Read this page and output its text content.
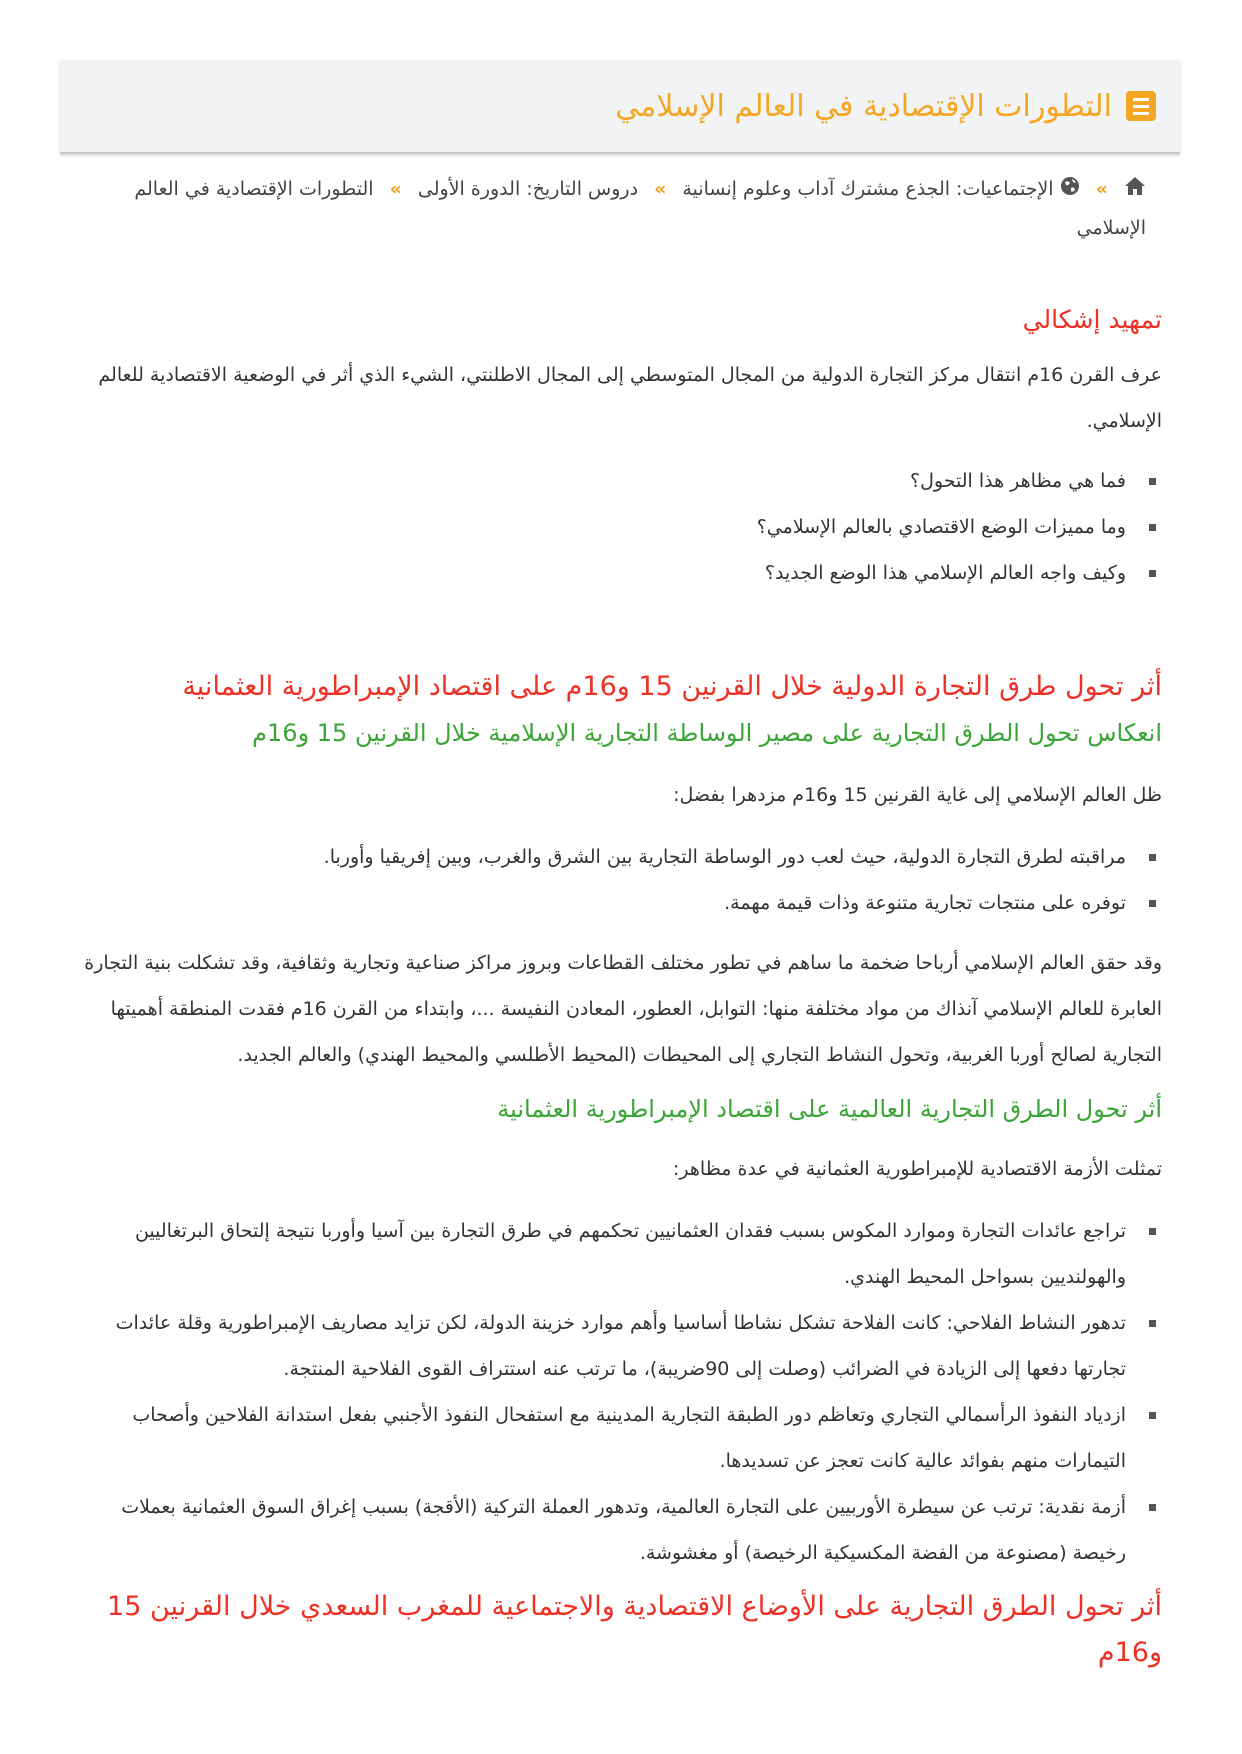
التطورات الإقتصادية في العالم الإسلامي
»  الإجتماعيات: الجذع مشترك آداب وعلوم إنسانية » دروس التاريخ: الدورة الأولى » التطورات الإقتصادية في العالم الإسلامي
تمهيد إشكالي

عرف القرن 16م انتقال مركز التجارة الدولية من المجال المتوسطي إلى المجال الاطلنتي، الشيء الذي أثر في الوضعية الاقتصادية للعالم الإسلامي.

فما هي مظاهر هذا التحول؟
وما مميزات الوضع الاقتصادي بالعالم الإسلامي؟
وكيف واجه العالم الإسلامي هذا الوضع الجديد؟
أثر تحول طرق التجارة الدولية خلال القرنين 15 و16م على اقتصاد الإمبراطورية العثمانية
انعكاس تحول الطرق التجارية على مصير الوساطة التجارية الإسلامية خلال القرنين 15 و16م

ظل العالم الإسلامي إلى غاية القرنين 15 و16م مزدهرا بفضل:

مراقبته لطرق التجارة الدولية، حيث لعب دور الوساطة التجارية بين الشرق والغرب، وبين إفريقيا وأوربا.
توفره على منتجات تجارية متنوعة وذات قيمة مهمة.

وقد حقق العالم الإسلامي أرباحا ضخمة ما ساهم في تطور مختلف القطاعات وبروز مراكز صناعية وتجارية وثقافية، وقد تشكلت بنية التجارة العابرة للعالم الإسلامي آنذاك من مواد مختلفة منها: التوابل، العطور، المعادن النفيسة ...، وابتداء من القرن 16م فقدت المنطقة أهميتها التجارية لصالح أوربا الغربية، وتحول النشاط التجاري إلى المحيطات (المحيط الأطلسي والمحيط الهندي) والعالم الجديد.

أثر تحول الطرق التجارية العالمية على اقتصاد الإمبراطورية العثمانية

تمثلت الأزمة الاقتصادية للإمبراطورية العثمانية في عدة مظاهر:

تراجع عائدات التجارة وموارد المكوس بسبب فقدان العثمانيين تحكمهم في طرق التجارة بين آسيا وأوربا نتيجة إلتحاق البرتغاليين والهولنديين بسواحل المحيط الهندي.
تدهور النشاط الفلاحي: كانت الفلاحة تشكل نشاطا أساسيا وأهم موارد خزينة الدولة، لكن تزايد مصاريف الإمبراطورية وقلة عائدات تجارتها دفعها إلى الزيادة في الضرائب (وصلت إلى 90ضريبة)، ما ترتب عنه استتراف القوى الفلاحية المنتجة.
ازدياد النفوذ الرأسمالي التجاري وتعاظم دور الطبقة التجارية المدينية مع استفحال النفوذ الأجنبي بفعل استدانة الفلاحين وأصحاب التيمارات منهم بفوائد عالية كانت تعجز عن تسديدها.
أزمة نقدية: ترتب عن سيطرة الأوربيين على التجارة العالمية، وتدهور العملة التركية (الأقجة) بسبب إغراق السوق العثمانية بعملات رخيصة (مصنوعة من الفضة المكسيكية الرخيصة) أو مغشوشة.
أثر تحول الطرق التجارية على الأوضاع الاقتصادية والاجتماعية للمغرب السعدي خلال القرنين 15 و16م
